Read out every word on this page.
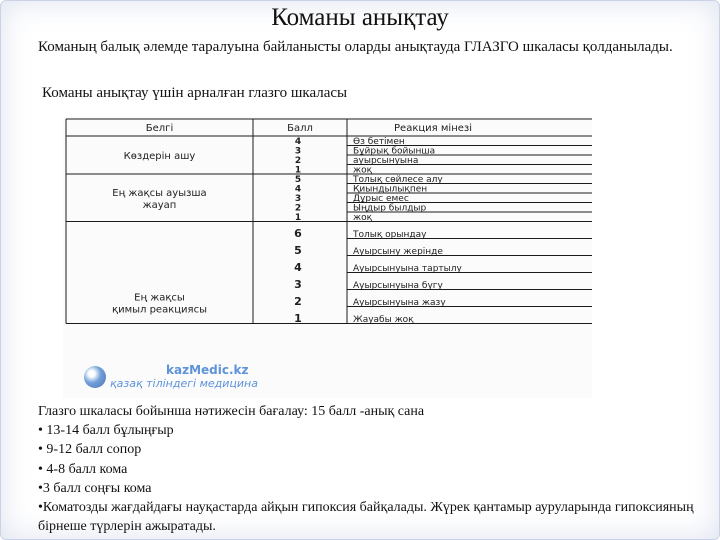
Команы анықтау
Команың балық әлемде таралуына байланысты оларды анықтауда ГЛАЗГО шкаласы қолданылады.
Команы анықтау үшін арналған глазго шкаласы
Белгі	Балл	Реакция мінезі
Көздерін ашу
4	Өз бетімен
3	Бұйрық бойынша
2	ауырсынуына
1	жоқ
Ең жақсы ауызша
жауап
5	Толық сөйлесе алу
4	Қиындылықпен
3	Дұрыс емес
2	Ыңдыр былдыр
1	жоқ
Ең жақсы
қимыл реакциясы
6	Толық орындау
5	Ауырсыну жеріндe
4	Ауырсынуына тартылу
3	Ауырсынуына бүгу
2	Ауырсынуына жазу
1	Жауабы жоқ
kazMedic.kz
қазақ тіліндегі медицина
Глазго шкаласы бойынша нәтижесін бағалау: 15 балл -анық сана
• 13-14 балл бұлыңғыр
• 9-12 балл сопор
• 4-8 балл кома
•3 балл соңғы кома
•Коматозды жағдайдағы науқастарда айқын гипоксия байқалады. Жүрек қантамыр ауруларында гипоксияның бірнеше түрлерін ажыратады.
